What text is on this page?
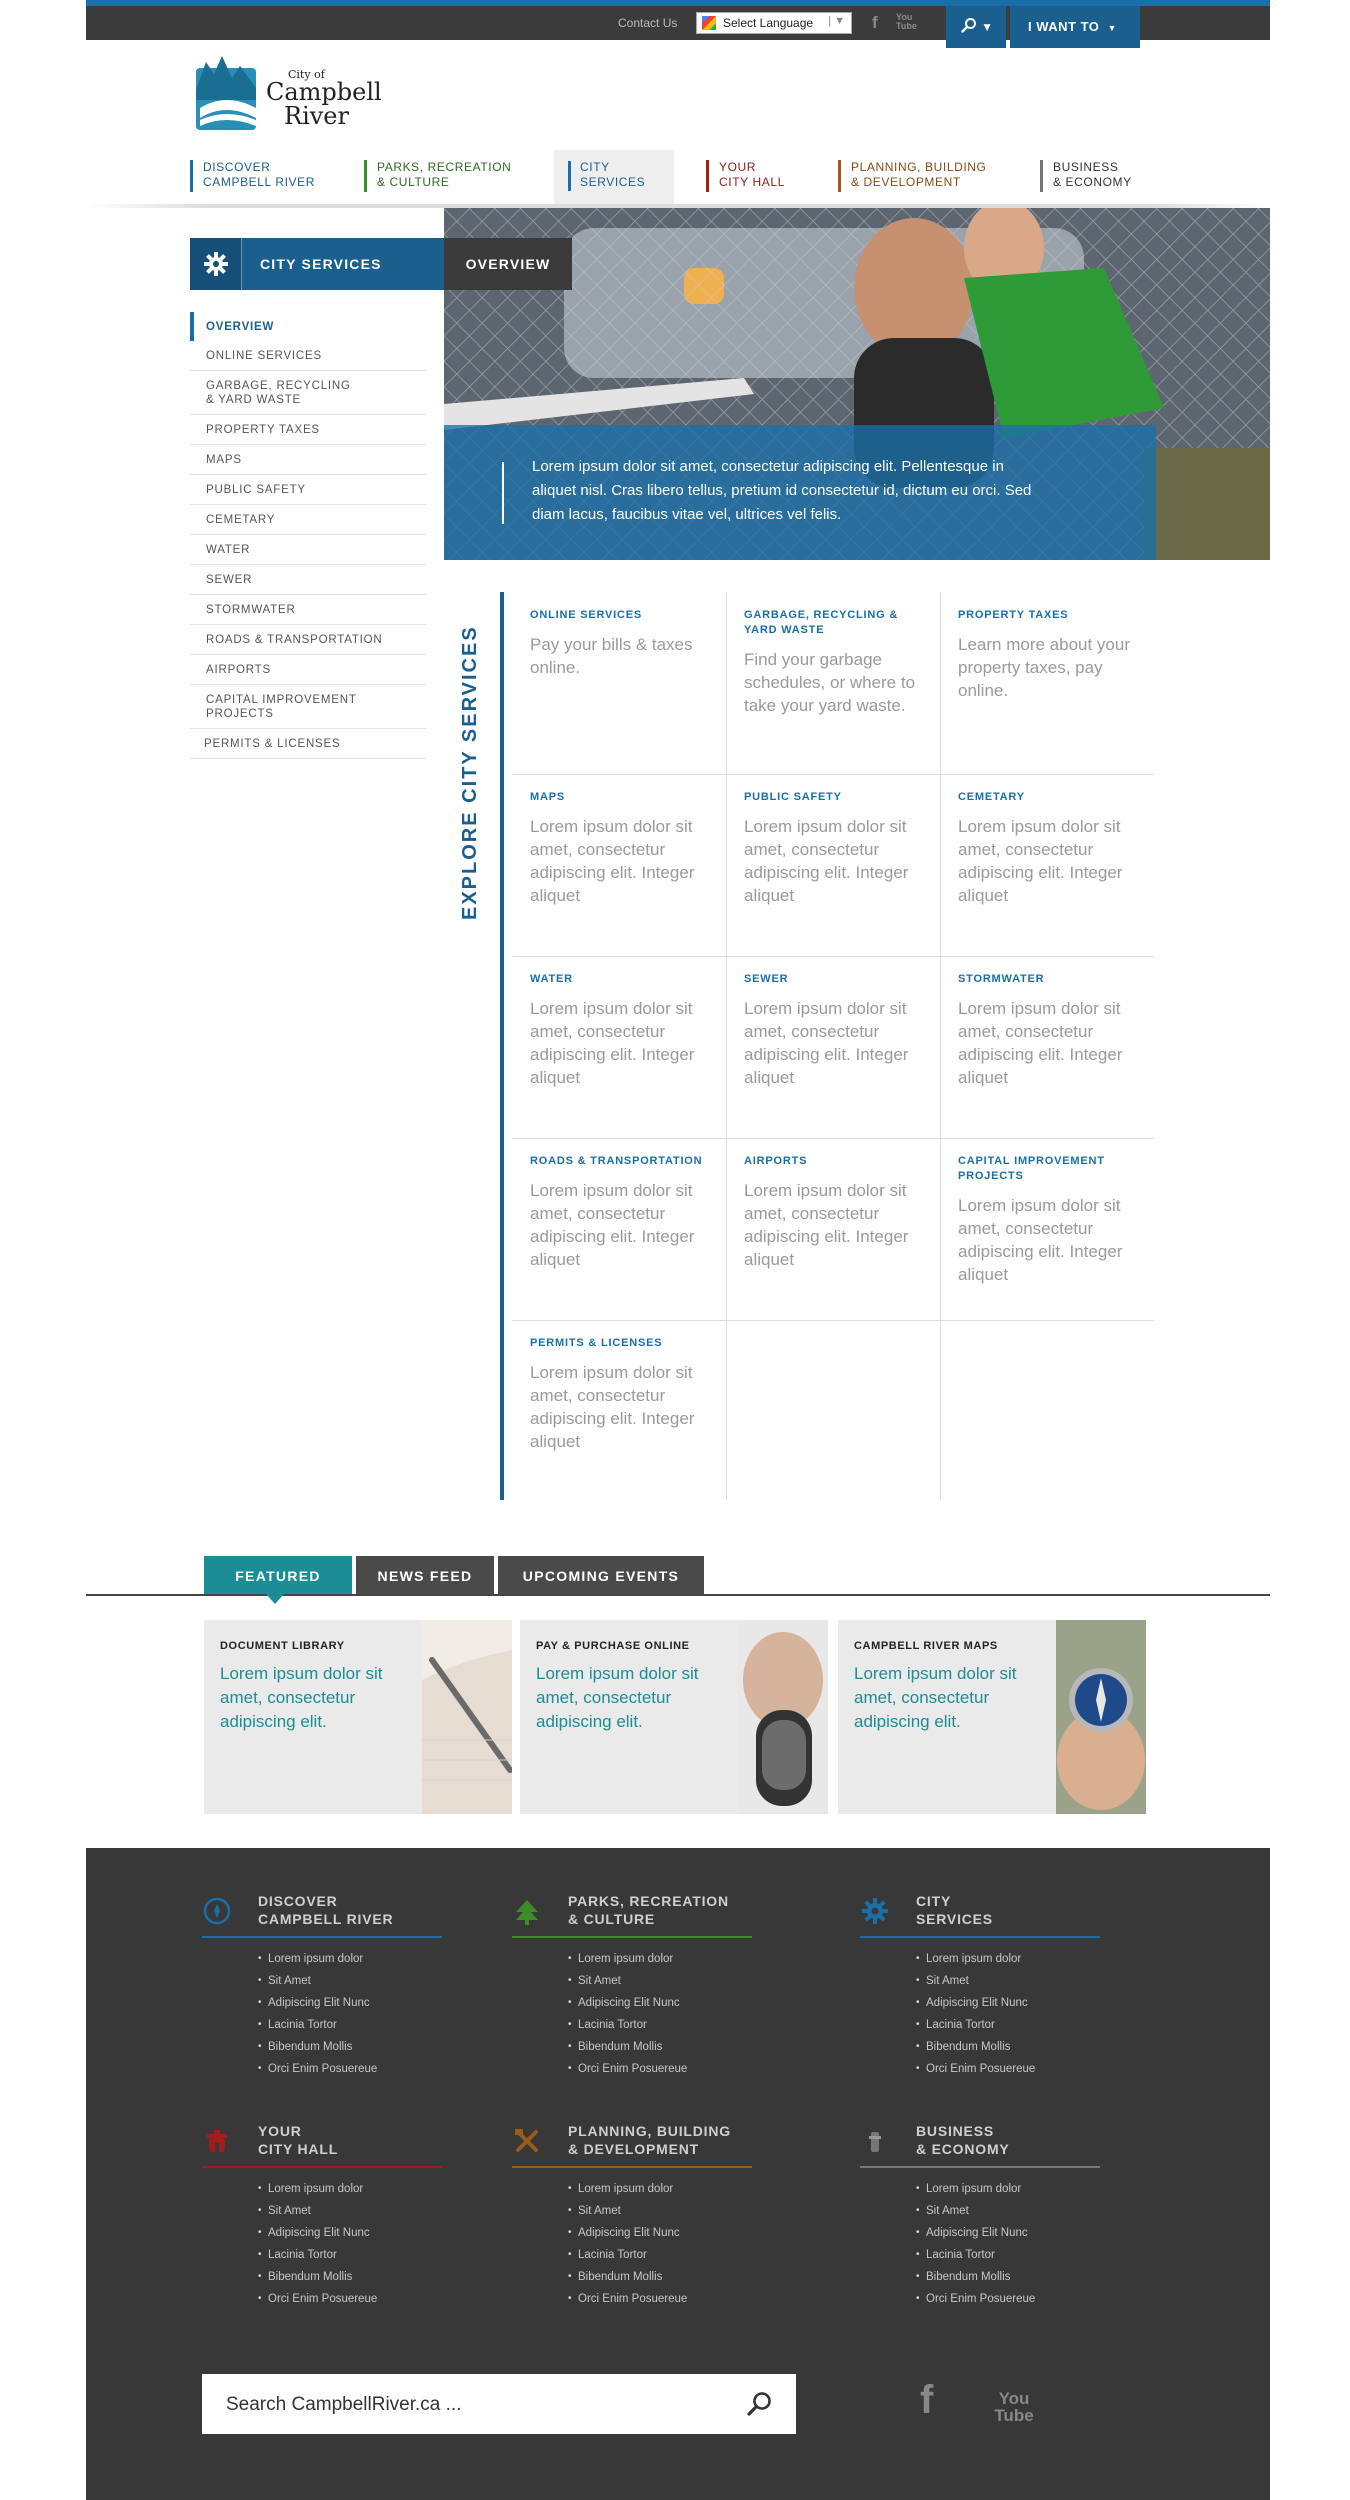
Contact Us	Select Language | ▼ f You Tube	▼	I WANT TO ▼
City of
Campbell
River
DISCOVER
CAMPBELL RIVER
PARKS, RECREATION
& CULTURE
CITY
SERVICES
YOUR
CITY HALL
PLANNING, BUILDING
& DEVELOPMENT
BUSINESS
& ECONOMY
OVERVIEW
Lorem ipsum dolor sit amet, consectetur adipiscing elit. Pellentesque in aliquet nisl. Cras libero tellus, pretium id consectetur id, dictum eu orci. Sed diam lacus, faucibus vitae vel, ultrices vel felis.
CITY SERVICES
OVERVIEW
ONLINE SERVICES
GARBAGE, RECYCLING
& YARD WASTE
PROPERTY TAXES
MAPS
PUBLIC SAFETY
CEMETARY
WATER
SEWER
STORMWATER
ROADS & TRANSPORTATION
AIRPORTS
CAPITAL IMPROVEMENT
PROJECTS
PERMITS & LICENSES	EXPLORE CITY SERVICES
ONLINE SERVICES
Pay your bills & taxes online.
GARBAGE, RECYCLING & YARD WASTE
Find your garbage schedules, or where to take your yard waste.
PROPERTY TAXES
Learn more about your property taxes, pay online.
MAPS
Lorem ipsum dolor sit amet, consectetur adipiscing elit. Integer aliquet
PUBLIC SAFETY
Lorem ipsum dolor sit amet, consectetur adipiscing elit. Integer aliquet
CEMETARY
Lorem ipsum dolor sit amet, consectetur adipiscing elit. Integer aliquet
WATER
Lorem ipsum dolor sit amet, consectetur adipiscing elit. Integer aliquet
SEWER
Lorem ipsum dolor sit amet, consectetur adipiscing elit. Integer aliquet
STORMWATER
Lorem ipsum dolor sit amet, consectetur adipiscing elit. Integer aliquet
ROADS & TRANSPORTATION
Lorem ipsum dolor sit amet, consectetur adipiscing elit. Integer aliquet
AIRPORTS
Lorem ipsum dolor sit amet, consectetur adipiscing elit. Integer aliquet
CAPITAL IMPROVEMENT PROJECTS
Lorem ipsum dolor sit amet, consectetur adipiscing elit. Integer aliquet
PERMITS & LICENSES
Lorem ipsum dolor sit amet, consectetur adipiscing elit. Integer aliquet
FEATURED	NEWS FEED	UPCOMING EVENTS
DOCUMENT LIBRARY
Lorem ipsum dolor sit amet, consectetur adipiscing elit.
PAY & PURCHASE ONLINE
Lorem ipsum dolor sit amet, consectetur adipiscing elit.
CAMPBELL RIVER MAPS
Lorem ipsum dolor sit amet, consectetur adipiscing elit.
DISCOVER
CAMPBELL RIVER
• Lorem ipsum dolor
• Sit Amet
• Adipiscing Elit Nunc
• Lacinia Tortor
• Bibendum Mollis
• Orci Enim Posuereue
PARKS, RECREATION
& CULTURE
• Lorem ipsum dolor
• Sit Amet
• Adipiscing Elit Nunc
• Lacinia Tortor
• Bibendum Mollis
• Orci Enim Posuereue
CITY
SERVICES
• Lorem ipsum dolor
• Sit Amet
• Adipiscing Elit Nunc
• Lacinia Tortor
• Bibendum Mollis
• Orci Enim Posuereue
YOUR
CITY HALL
• Lorem ipsum dolor
• Sit Amet
• Adipiscing Elit Nunc
• Lacinia Tortor
• Bibendum Mollis
• Orci Enim Posuereue
PLANNING, BUILDING
& DEVELOPMENT
• Lorem ipsum dolor
• Sit Amet
• Adipiscing Elit Nunc
• Lacinia Tortor
• Bibendum Mollis
• Orci Enim Posuereue
BUSINESS
& ECONOMY
• Lorem ipsum dolor
• Sit Amet
• Adipiscing Elit Nunc
• Lacinia Tortor
• Bibendum Mollis
• Orci Enim Posuereue
Search CampbellRiver.ca ...	f	You Tube
